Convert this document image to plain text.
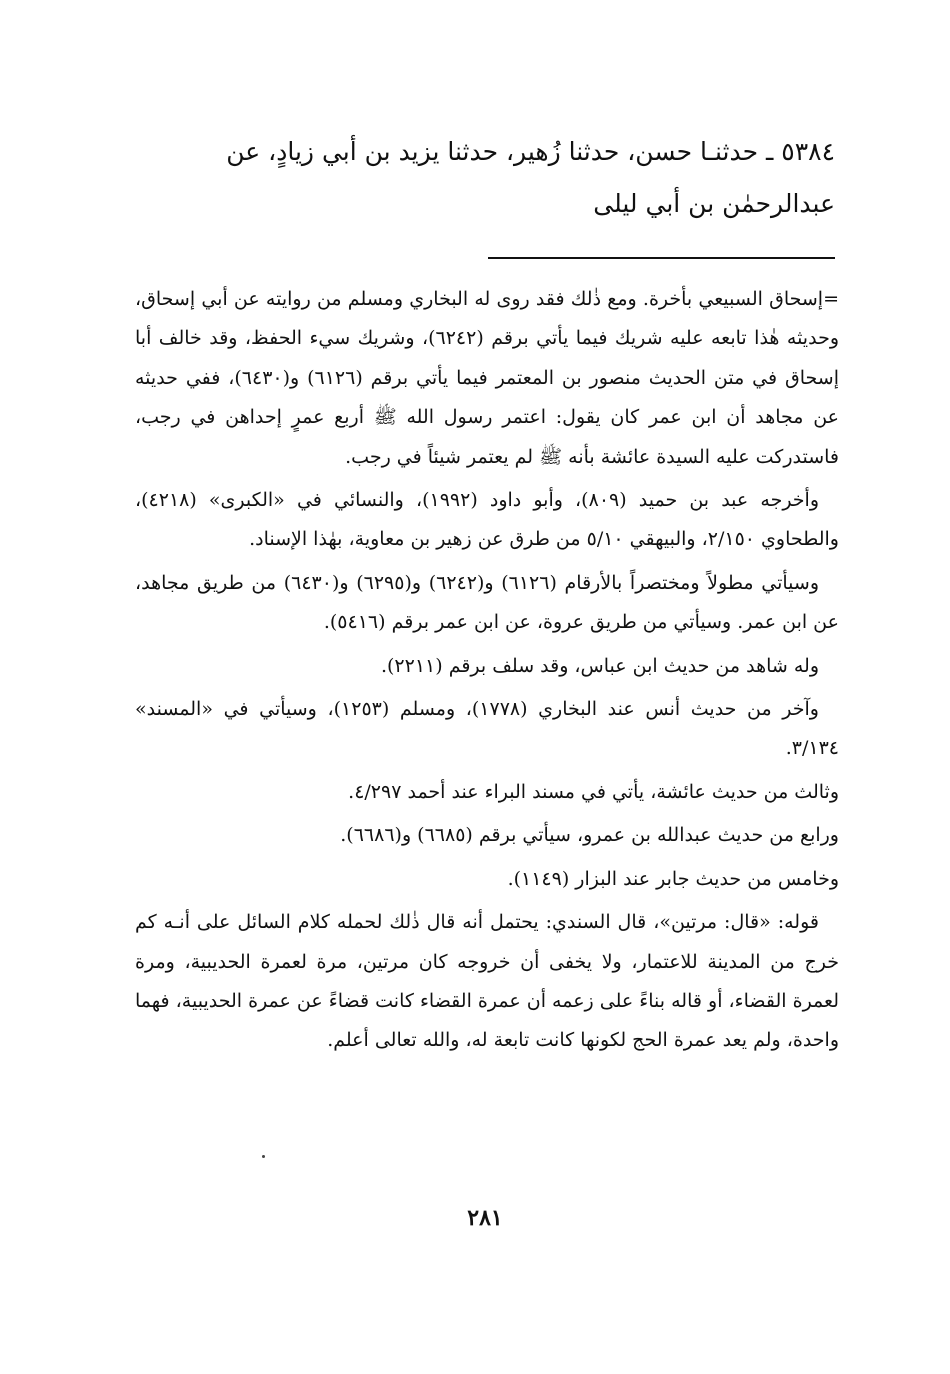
٥٣٨٤ ـ حدثنـا حسن، حدثنا زُهير، حدثنا يزيد بن أبي زيادٍ، عن
عبدالرحمٰن بن أبي ليلى

=إسحاق السبيعي بأخرة. ومع ذٰلك فقد روى له البخاري ومسلم من روايته عن أبي إسحاق، وحديثه هٰذا تابعه عليه شريك فيما يأتي برقم (٦٢٤٢)، وشريك سيء الحفظ، وقد خالف أبا إسحاق في متن الحديث منصور بن المعتمر فيما يأتي برقم (٦١٢٦) و(٦٤٣٠)، ففي حديثه عن مجاهد أن ابن عمر كان يقول: اعتمر رسول الله ﷺ أربع عمرٍ إحداهن في رجب، فاستدركت عليه السيدة عائشة بأنه ﷺ لم يعتمر شيئاً في رجب.

وأخرجه عبد بن حميد (٨٠٩)، وأبو داود (١٩٩٢)، والنسائي في «الكبرى» (٤٢١٨)، والطحاوي ٢/١٥٠، والبيهقي ٥/١٠ من طرق عن زهير بن معاوية، بهٰذا الإسناد.

وسيأتي مطولاً ومختصراً بالأرقام (٦١٢٦) و(٦٢٤٢) و(٦٢٩٥) و(٦٤٣٠) من طريق مجاهد، عن ابن عمر. وسيأتي من طريق عروة، عن ابن عمر برقم (٥٤١٦).

وله شاهد من حديث ابن عباس، وقد سلف برقم (٢٢١١).

وآخر من حديث أنس عند البخاري (١٧٧٨)، ومسلم (١٢٥٣)، وسيأتي في «المسند» ٣/١٣٤.

وثالث من حديث عائشة، يأتي في مسند البراء عند أحمد ٤/٢٩٧.

ورابع من حديث عبدالله بن عمرو، سيأتي برقم (٦٦٨٥) و(٦٦٨٦).

وخامس من حديث جابر عند البزار (١١٤٩).

قوله: «قال: مرتين»، قال السندي: يحتمل أنه قال ذٰلك لحمله كلام السائل على أنـه كم خرج من المدينة للاعتمار، ولا يخفى أن خروجه كان مرتين، مرة لعمرة الحديبية، ومرة لعمرة القضاء، أو قاله بناءً على زعمه أن عمرة القضاء كانت قضاءً عن عمرة الحديبية، فهما واحدة، ولم يعد عمرة الحج لكونها كانت تابعة له، والله تعالى أعلم.

٢٨١
